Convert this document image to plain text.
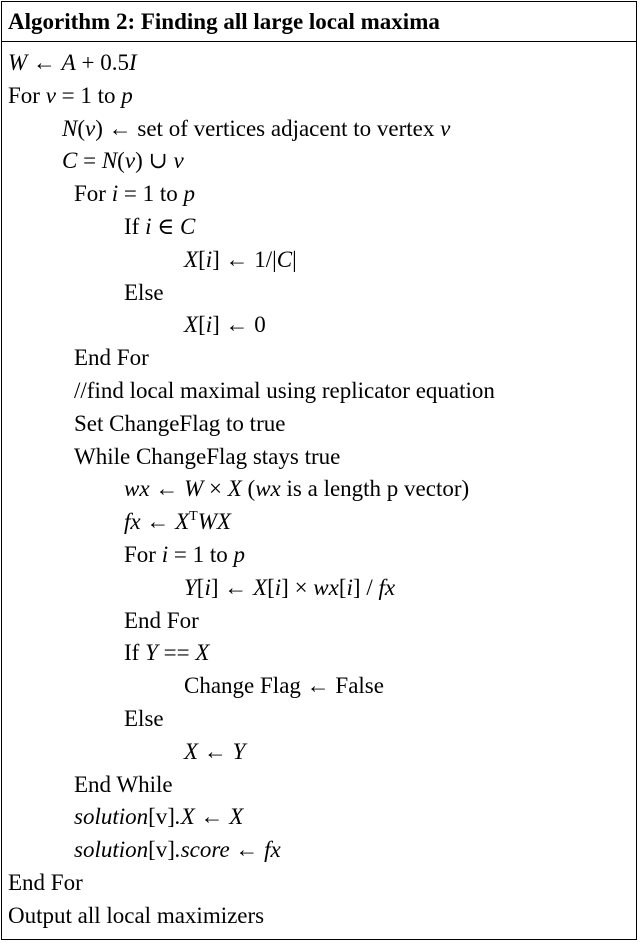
Algorithm 2: Finding all large local maxima
W ← A + 0.5I
For v = 1 to p
N(v) ← set of vertices adjacent to vertex v
C = N(v) ∪ v
For i = 1 to p
If i ∈ C
X[i] ← 1/|C|
Else
X[i] ← 0
End For
//find local maximal using replicator equation
Set ChangeFlag to true
While ChangeFlag stays true
wx ← W × X (wx is a length p vector)
fx ← $X^TWX$
For i = 1 to p
Y[i] ← X[i] × wx[i] / fx
End For
If Y == X
Change Flag ← False
Else
X ← Y
End While
solution[v].X ← X
solution[v].score ← fx
End For
Output all local maximizers
